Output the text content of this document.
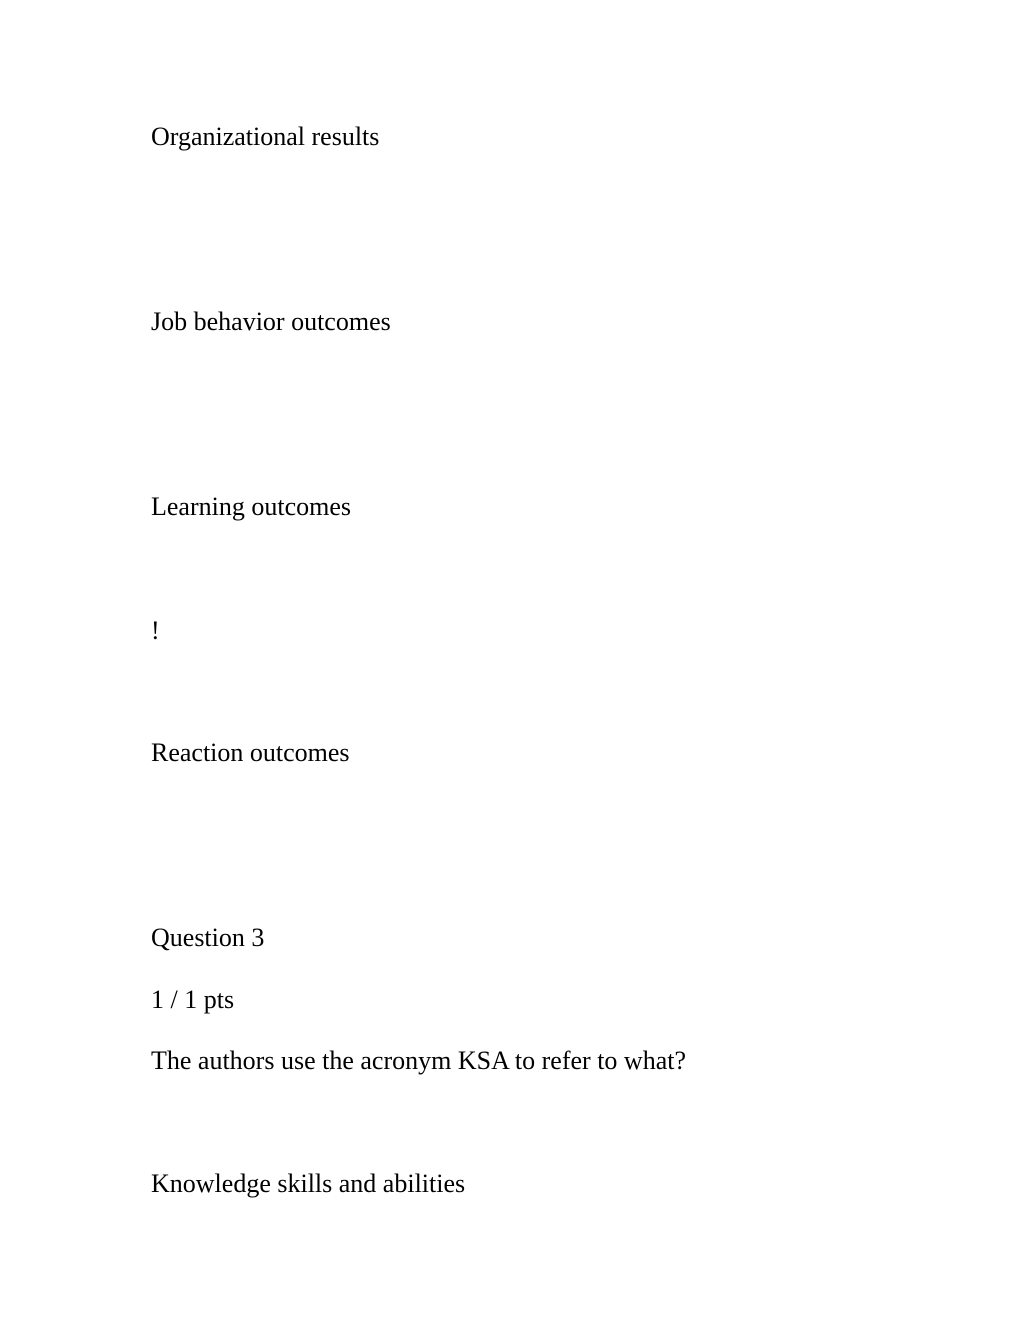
Organizational results
Job behavior outcomes
Learning outcomes
!
Reaction outcomes
Question 3
1 / 1 pts
The authors use the acronym KSA to refer to what?
Knowledge skills and abilities
